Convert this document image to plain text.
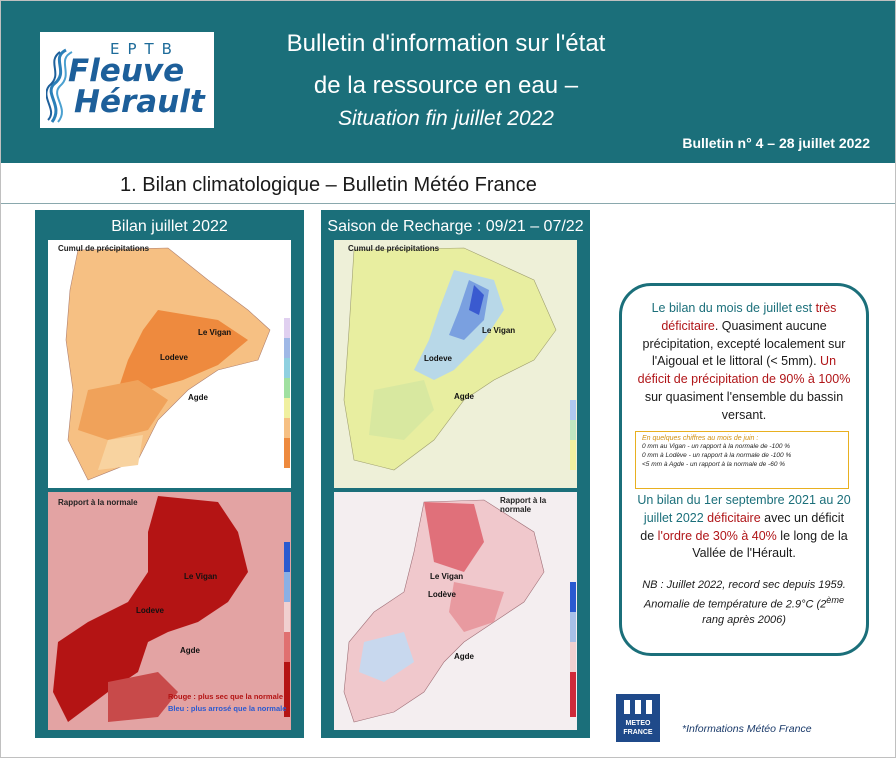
EPTB
Fleuve
Hérault
Bulletin d'information sur l'état
de la ressource en eau –
Situation fin juillet 2022
Bulletin n° 4 – 28 juillet 2022
1. Bilan climatologique – Bulletin Météo France
Bilan juillet 2022
Cumul de précipitations
Le Vigan
Lodeve
Agde
Rapport à la normale
Le Vigan
Lodeve
Agde
Rouge : plus sec que la normale
Bleu : plus arrosé que la normale
Saison de Recharge : 09/21 – 07/22
Cumul de précipitations
Le Vigan
Lodeve
Agde
Rapport à la normale
Le Vigan
Lodève
Agde
Le bilan du mois de juillet est très déficitaire. Quasiment aucune précipitation, excepté localement sur l'Aigoual et le littoral (< 5mm). Un déficit de précipitation de 90% à 100% sur quasiment l'ensemble du bassin versant.
En quelques chiffres au mois de juin :
0 mm au Vigan - un rapport à la normale de -100 %
0 mm à Lodève - un rapport à la normale de -100 %
<5 mm à Agde - un rapport à la normale de -60 %
Un bilan du 1er septembre 2021 au 20 juillet 2022 déficitaire avec un déficit de l'ordre de 30% à 40% le long de la Vallée de l'Hérault.
NB : Juillet 2022, record sec depuis 1959. Anomalie de température de 2.9°C (2ème rang après 2006)
METEO
FRANCE	*Informations Météo France
